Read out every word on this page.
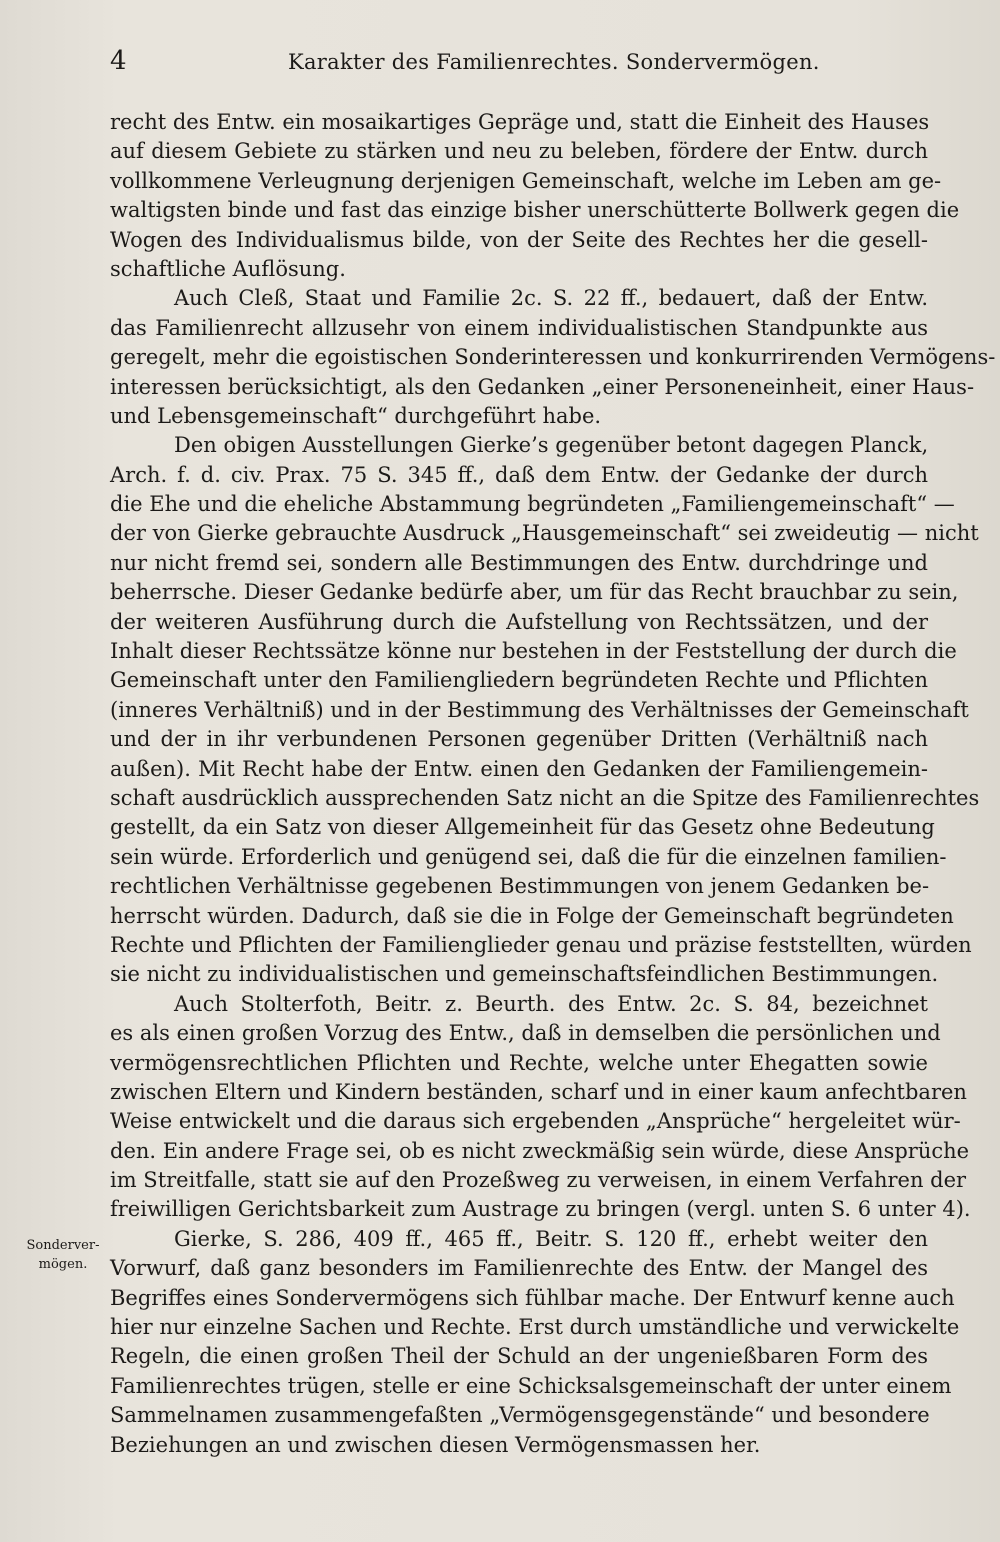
4	Karakter des Familienrechtes. Sondervermögen.
Sonderver-
mögen.
recht des Entw. ein mosaikartiges Gepräge und, statt die Einheit des Hauses
auf diesem Gebiete zu stärken und neu zu beleben, fördere der Entw. durch
vollkommene Verleugnung derjenigen Gemeinschaft, welche im Leben am ge-
waltigsten binde und fast das einzige bisher unerschütterte Bollwerk gegen die
Wogen des Individualismus bilde, von der Seite des Rechtes her die gesell-
schaftliche Auflösung.
Auch Cleß, Staat und Familie 2c. S. 22 ff., bedauert, daß der Entw.
das Familienrecht allzusehr von einem individualistischen Standpunkte aus
geregelt, mehr die egoistischen Sonderinteressen und konkurrirenden Vermögens-
interessen berücksichtigt, als den Gedanken „einer Personeneinheit, einer Haus-
und Lebensgemeinschaft“ durchgeführt habe.
Den obigen Ausstellungen Gierke’s gegenüber betont dagegen Planck,
Arch. f. d. civ. Prax. 75 S. 345 ff., daß dem Entw. der Gedanke der durch
die Ehe und die eheliche Abstammung begründeten „Familiengemeinschaft“ —
der von Gierke gebrauchte Ausdruck „Hausgemeinschaft“ sei zweideutig — nicht
nur nicht fremd sei, sondern alle Bestimmungen des Entw. durchdringe und
beherrsche. Dieser Gedanke bedürfe aber, um für das Recht brauchbar zu sein,
der weiteren Ausführung durch die Aufstellung von Rechtssätzen, und der
Inhalt dieser Rechtssätze könne nur bestehen in der Feststellung der durch die
Gemeinschaft unter den Familiengliedern begründeten Rechte und Pflichten
(inneres Verhältniß) und in der Bestimmung des Verhältnisses der Gemeinschaft
und der in ihr verbundenen Personen gegenüber Dritten (Verhältniß nach
außen). Mit Recht habe der Entw. einen den Gedanken der Familiengemein-
schaft ausdrücklich aussprechenden Satz nicht an die Spitze des Familienrechtes
gestellt, da ein Satz von dieser Allgemeinheit für das Gesetz ohne Bedeutung
sein würde. Erforderlich und genügend sei, daß die für die einzelnen familien-
rechtlichen Verhältnisse gegebenen Bestimmungen von jenem Gedanken be-
herrscht würden. Dadurch, daß sie die in Folge der Gemeinschaft begründeten
Rechte und Pflichten der Familienglieder genau und präzise feststellten, würden
sie nicht zu individualistischen und gemeinschaftsfeindlichen Bestimmungen.
Auch Stolterfoth, Beitr. z. Beurth. des Entw. 2c. S. 84, bezeichnet
es als einen großen Vorzug des Entw., daß in demselben die persönlichen und
vermögensrechtlichen Pflichten und Rechte, welche unter Ehegatten sowie
zwischen Eltern und Kindern beständen, scharf und in einer kaum anfechtbaren
Weise entwickelt und die daraus sich ergebenden „Ansprüche“ hergeleitet wür-
den. Ein andere Frage sei, ob es nicht zweckmäßig sein würde, diese Ansprüche
im Streitfalle, statt sie auf den Prozeßweg zu verweisen, in einem Verfahren der
freiwilligen Gerichtsbarkeit zum Austrage zu bringen (vergl. unten S. 6 unter 4).
Gierke, S. 286, 409 ff., 465 ff., Beitr. S. 120 ff., erhebt weiter den
Vorwurf, daß ganz besonders im Familienrechte des Entw. der Mangel des
Begriffes eines Sondervermögens sich fühlbar mache. Der Entwurf kenne auch
hier nur einzelne Sachen und Rechte. Erst durch umständliche und verwickelte
Regeln, die einen großen Theil der Schuld an der ungenießbaren Form des
Familienrechtes trügen, stelle er eine Schicksalsgemeinschaft der unter einem
Sammelnamen zusammengefaßten „Vermögensgegenstände“ und besondere
Beziehungen an und zwischen diesen Vermögensmassen her.
